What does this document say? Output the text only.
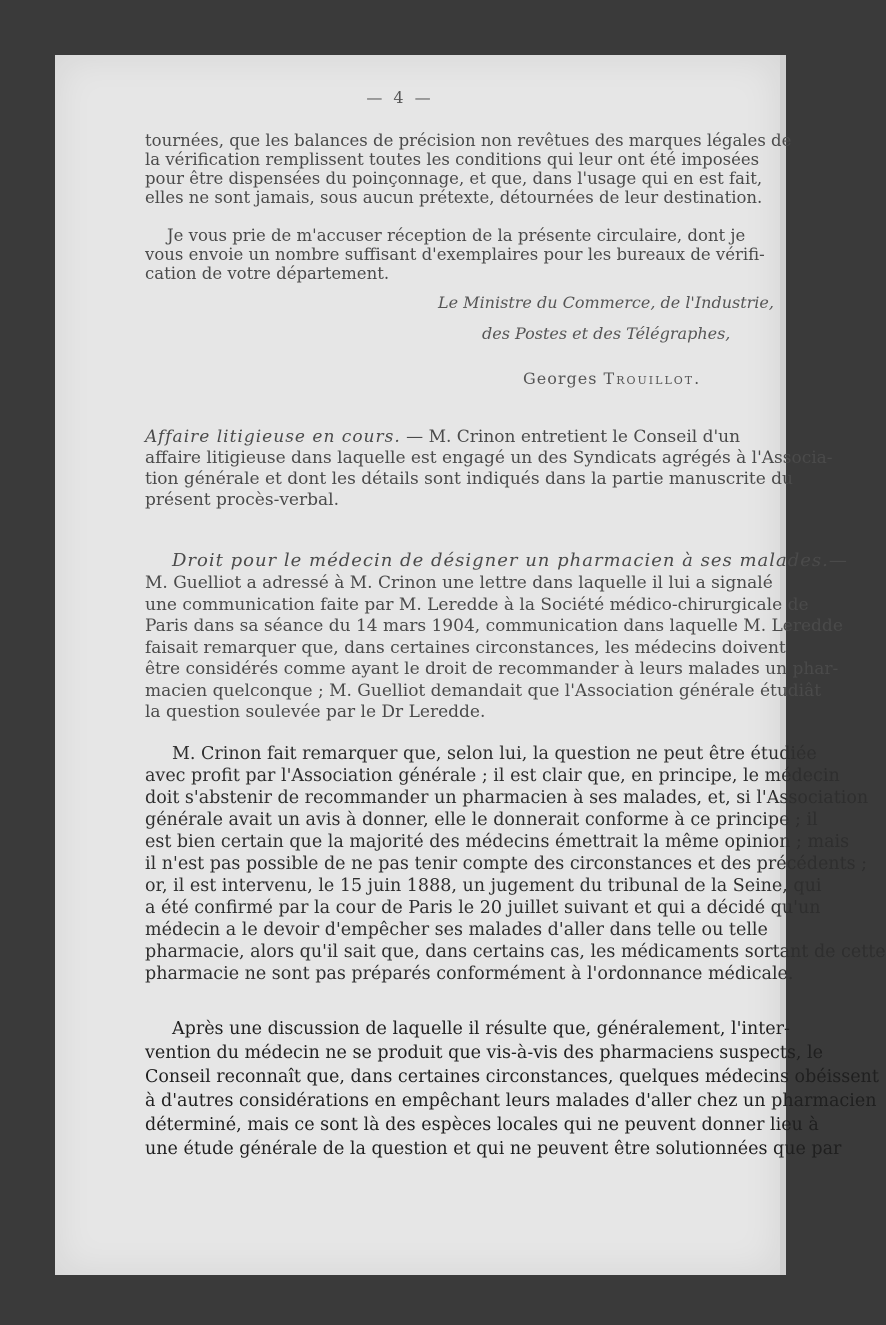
— 4 —
tournées, que les balances de précision non revêtues des marques légales de
la vérification remplissent toutes les conditions qui leur ont été imposées
pour être dispensées du poinçonnage, et que, dans l'usage qui en est fait,
elles ne sont jamais, sous aucun prétexte, détournées de leur destination.
Je vous prie de m'accuser réception de la présente circulaire, dont je
vous envoie un nombre suffisant d'exemplaires pour les bureaux de vérifi-
cation de votre département.
Le Ministre du Commerce, de l'Industrie,
des Postes et des Télégraphes,
Georges Trouillot.
Affaire litigieuse en cours. — M. Crinon entretient le Conseil d'un
affaire litigieuse dans laquelle est engagé un des Syndicats agrégés à l'Associa-
tion générale et dont les détails sont indiqués dans la partie manuscrite du
présent procès-verbal.
Droit pour le médecin de désigner un pharmacien à ses malades.—
M. Guelliot a adressé à M. Crinon une lettre dans laquelle il lui a signalé
une communication faite par M. Leredde à la Société médico-chirurgicale de
Paris dans sa séance du 14 mars 1904, communication dans laquelle M. Leredde
faisait remarquer que, dans certaines circonstances, les médecins doivent
être considérés comme ayant le droit de recommander à leurs malades un phar-
macien quelconque ; M. Guelliot demandait que l'Association générale étudiât
la question soulevée par le Dr Leredde.
M. Crinon fait remarquer que, selon lui, la question ne peut être étudiée
avec profit par l'Association générale ; il est clair que, en principe, le médecin
doit s'abstenir de recommander un pharmacien à ses malades, et, si l'Association
générale avait un avis à donner, elle le donnerait conforme à ce principe ; il
est bien certain que la majorité des médecins émettrait la même opinion ; mais
il n'est pas possible de ne pas tenir compte des circonstances et des précédents ;
or, il est intervenu, le 15 juin 1888, un jugement du tribunal de la Seine, qui
a été confirmé par la cour de Paris le 20 juillet suivant et qui a décidé qu'un
médecin a le devoir d'empêcher ses malades d'aller dans telle ou telle
pharmacie, alors qu'il sait que, dans certains cas, les médicaments sortant de cette
pharmacie ne sont pas préparés conformément à l'ordonnance médicale.
Après une discussion de laquelle il résulte que, généralement, l'inter-
vention du médecin ne se produit que vis-à-vis des pharmaciens suspects, le
Conseil reconnaît que, dans certaines circonstances, quelques médecins obéissent
à d'autres considérations en empêchant leurs malades d'aller chez un pharmacien
déterminé, mais ce sont là des espèces locales qui ne peuvent donner lieu à
une étude générale de la question et qui ne peuvent être solutionnées que par
